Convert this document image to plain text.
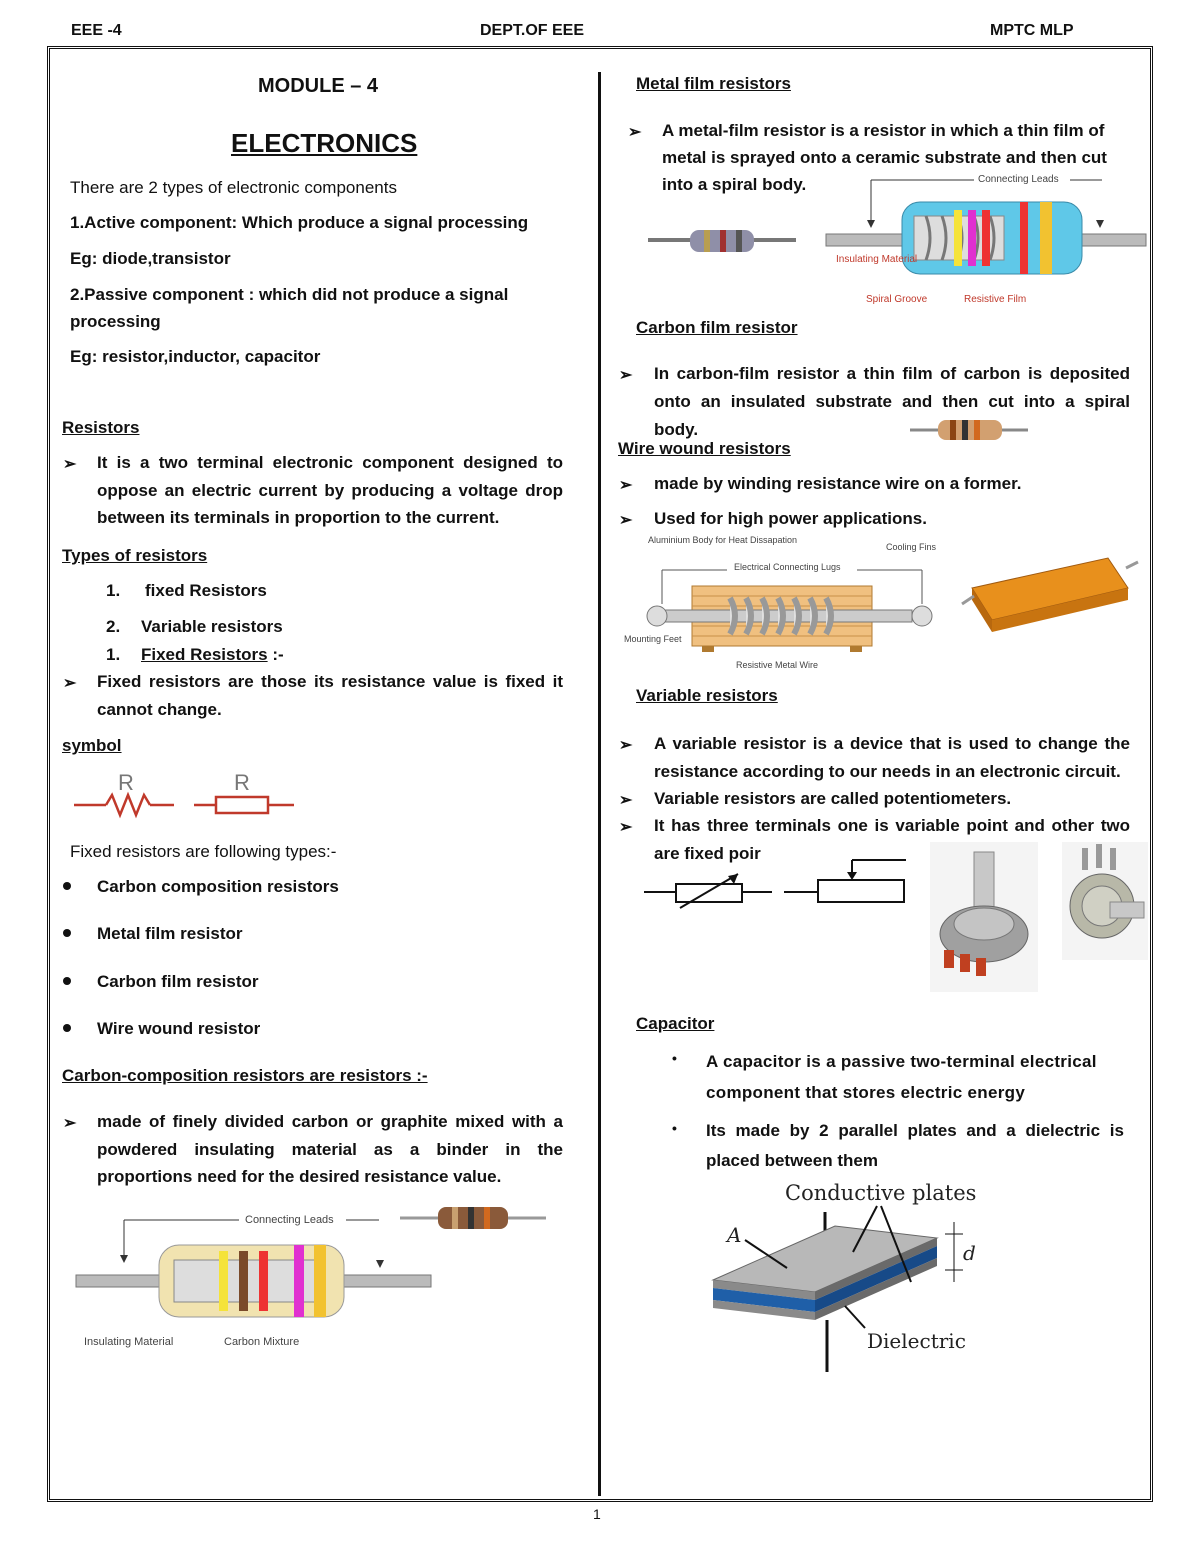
EEE -4	DEPT.OF EEE	MPTC MLP
MODULE – 4
ELECTRONICS
There are 2 types of electronic components
1.Active component: Which produce a signal processing
Eg: diode,transistor
2.Passive component : which did not produce a signal processing
Eg: resistor,inductor, capacitor
Resistors
➢ It is a two terminal electronic component designed to oppose an electric current by producing a voltage drop between its terminals in proportion to the current.
Types of resistors
1. fixed Resistors
2. Variable resistors
1. Fixed Resistors :-
➢ Fixed resistors are those its resistance value is fixed it cannot change.
symbol
R	R
Fixed resistors are following types:-
Carbon composition resistors
Metal film resistor
Carbon film resistor
Wire wound resistor
Carbon-composition resistors are resistors :-
➢ made of finely divided carbon or graphite mixed with a powdered insulating material as a binder in the proportions need for the desired resistance value.
Connecting Leads
Insulating Material	Carbon Mixture
Metal film resistors
➢ A metal-film resistor is a resistor in which a thin film of metal is sprayed onto a ceramic substrate and then cut into a spiral body.	Connecting Leads
Insulating Material
Spiral Groove	Resistive Film
Carbon film resistor
➢ In carbon-film resistor a thin film of carbon is deposited onto an insulated substrate and then cut into a spiral body.
Wire wound resistors
➢ made by winding resistance wire on a former.
➢ Used for high power applications.
Aluminium Body for Heat Dissapation
Cooling Fins
Electrical Connecting Lugs
Mounting Feet
Resistive Metal Wire
Variable resistors
➢ A variable resistor is a device that is used to change the resistance according to our needs in an electronic circuit.
➢ Variable resistors are called potentiometers.
➢ It has three terminals one is variable point and other two are fixed poir
Capacitor
• A capacitor is a passive two-terminal electrical component that stores electric energy
• Its made by 2 parallel plates and a dielectric is placed between them
Conductive plates
A
d
Dielectric
1
